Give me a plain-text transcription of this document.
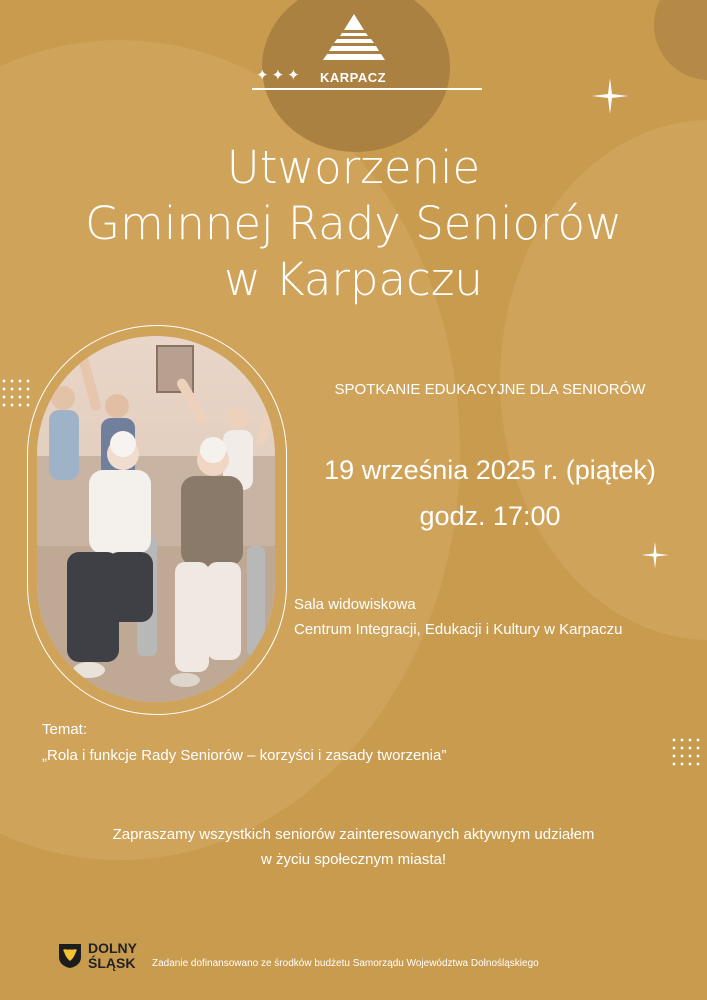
✦✦✦ KARPACZ
Utworzenie
Gminnej Rady Seniorów
w Karpaczu
SPOTKANIE EDUKACYJNE DLA SENIORÓW
19 września 2025 r. (piątek)
godz. 17:00
Sala widowiskowa
Centrum Integracji, Edukacji i Kultury w Karpaczu
Temat:
„Rola i funkcje Rady Seniorów – korzyści i zasady tworzenia”
Zapraszamy wszystkich seniorów zainteresowanych aktywnym udziałem
w życiu społecznym miasta!
DOLNY
ŚLĄSK Zadanie dofinansowano ze środków budżetu Samorządu Województwa Dolnośląskiego
